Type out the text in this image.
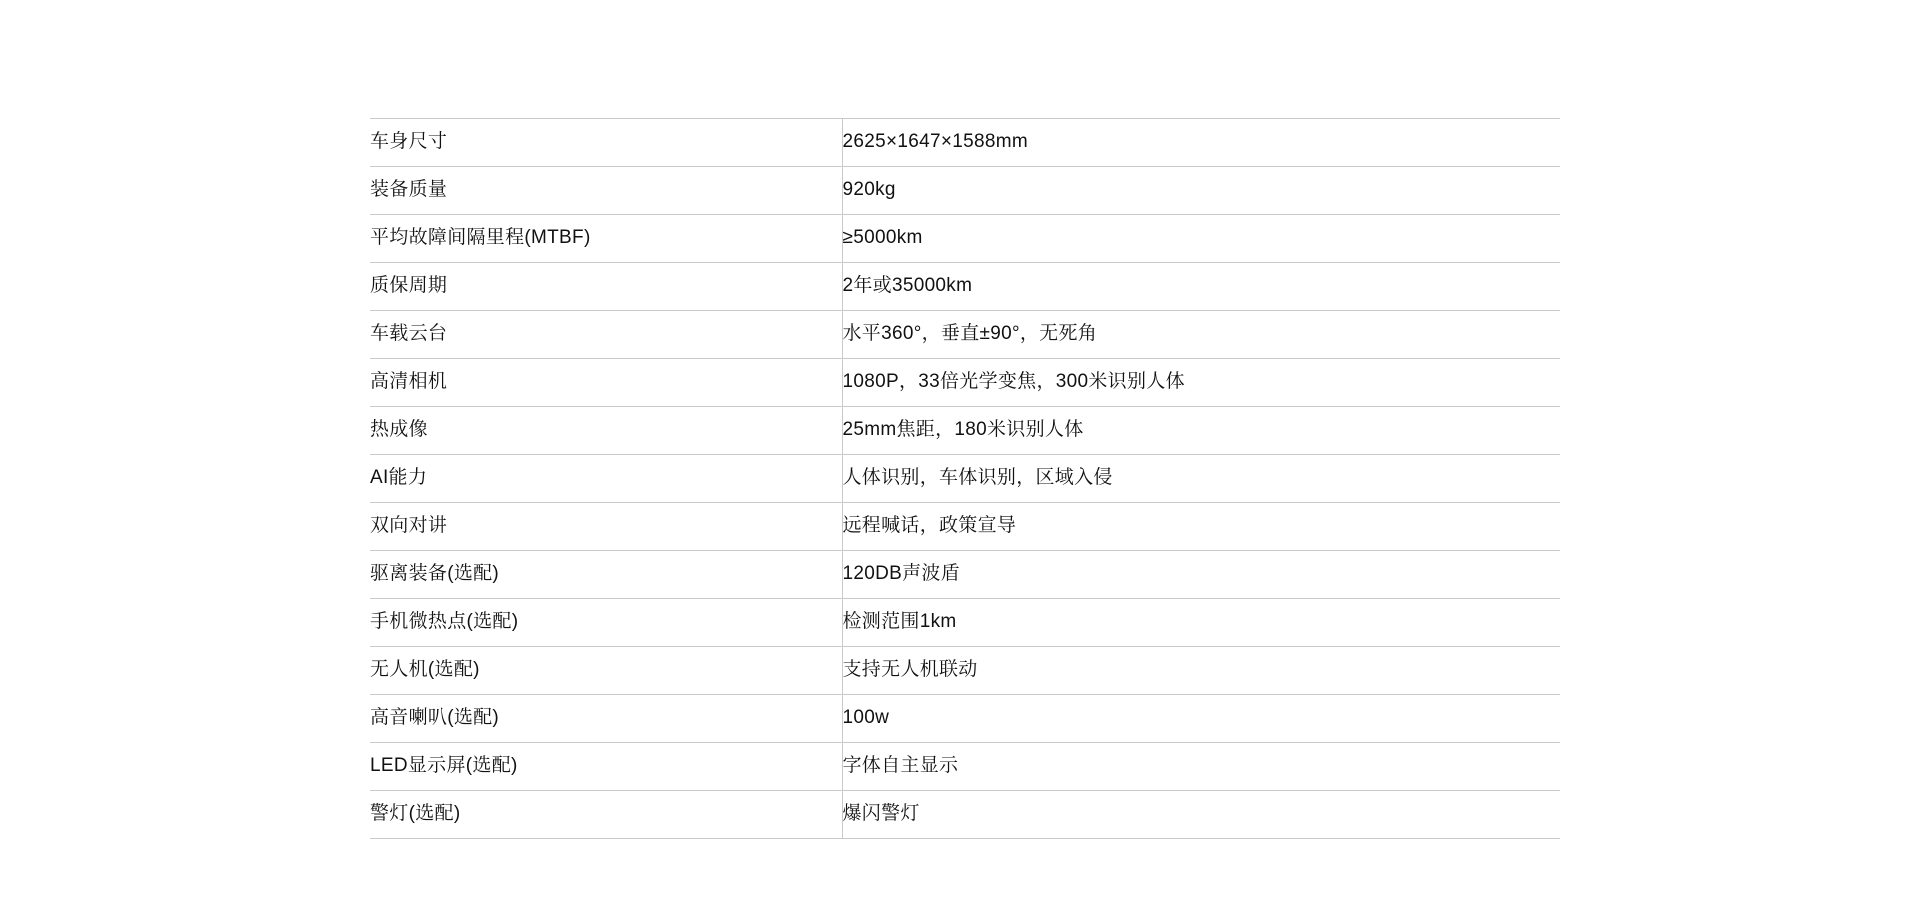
车身尺寸	2625×1647×1588mm
装备质量	920kg
平均故障间隔里程(MTBF)	≥5000km
质保周期	2年或35000km
车载云台	水平360°，垂直±90°，无死角
高清相机	1080P，33倍光学变焦，300米识别人体
热成像	25mm焦距，180米识别人体
AI能力	人体识别，车体识别，区域入侵
双向对讲	远程喊话，政策宣导
驱离装备(选配)	120DB声波盾
手机微热点(选配)	检测范围1km
无人机(选配)	支持无人机联动
高音喇叭(选配)	100w
LED显示屏(选配)	字体自主显示
警灯(选配)	爆闪警灯
